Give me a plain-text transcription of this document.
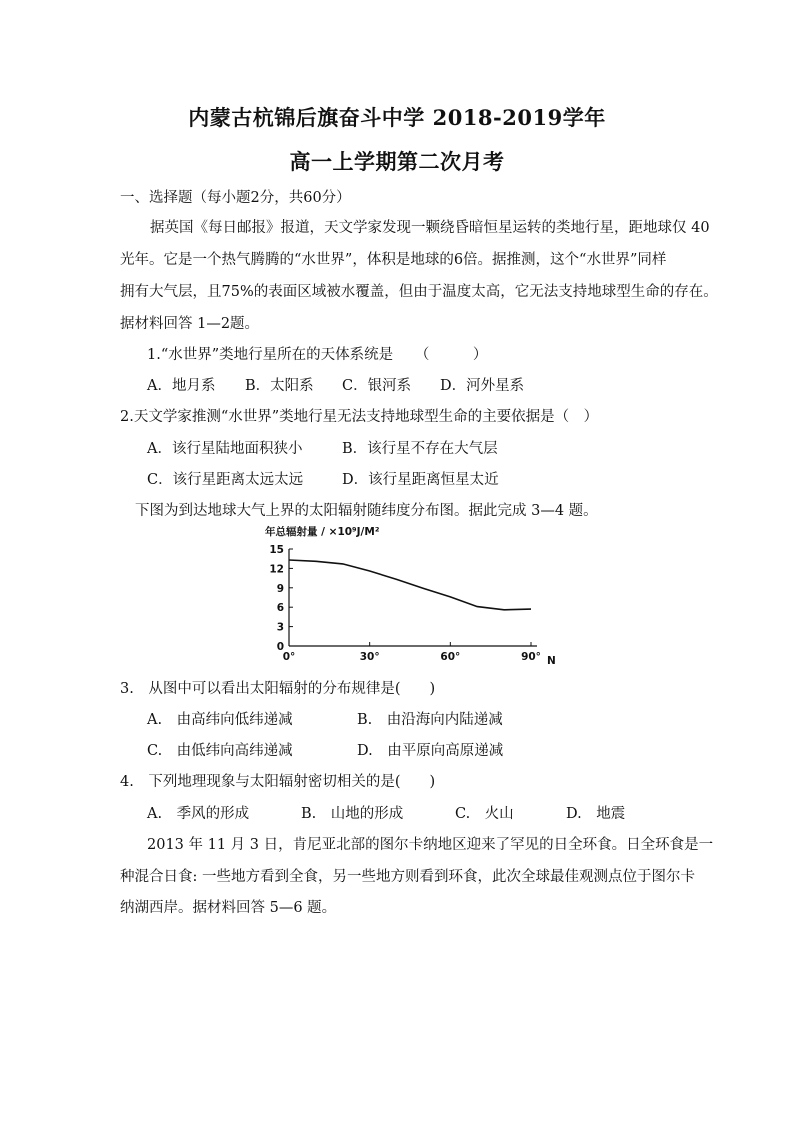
内蒙古杭锦后旗奋斗中学 2018-2019学年
高一上学期第二次月考
一、选择题（每小题2分，共60分）
据英国《每日邮报》报道，天文学家发现一颗绕昏暗恒星运转的类地行星，距地球仅 40
光年。它是一个热气腾腾的“水世界”，体积是地球的6倍。据推测，这个“水世界”同样
拥有大气层，且75%的表面区域被水覆盖，但由于温度太高，它无法支持地球型生命的存在。
据材料回答 1—2题。
1.“水世界”类地行星所在的天体系统是　　（　　　）
A．地月系 B．太阳系 C．银河系 D．河外星系
2.天文学家推测“水世界”类地行星无法支持地球型生命的主要依据是（　）
A．该行星陆地面积狭小	B．该行星不存在大气层
C．该行星距离太远太远	D．该行星距离恒星太近
下图为到达地球大气上界的太阳辐射随纬度分布图。据此完成 3—4 题。
0
3
6
9
12
15
0°	30°	60°	90°
年总辐射量 / ×10⁹J/M²
N
3.　从图中可以看出太阳辐射的分布规律是(　　)
A.　由高纬向低纬递减	B.　由沿海向内陆递减
C.　由低纬向高纬递减	D.　由平原向高原递减
4.　下列地理现象与太阳辐射密切相关的是(　　)
A.　季风的形成	B.　山地的形成	C.　火山	D.　地震
2013 年 11 月 3 日，肯尼亚北部的图尔卡纳地区迎来了罕见的日全环食。日全环食是一
种混合日食: 一些地方看到全食，另一些地方则看到环食，此次全球最佳观测点位于图尔卡
纳湖西岸。据材料回答 5—6 题。
